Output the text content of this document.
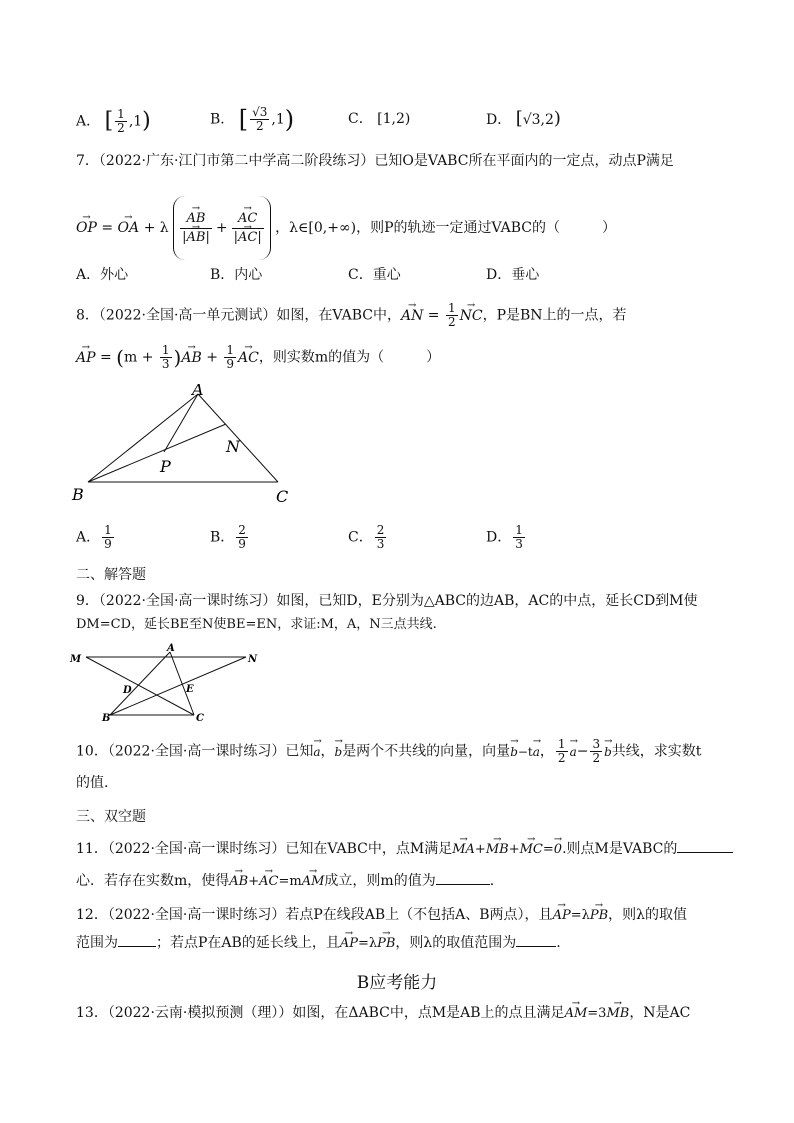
A． [ $\frac{1}{2} ,1$)	B． [ $\frac{√3}{2} ,1$)	C． [1,2)	D． [√3,2)
7．（2022·广东·江门市第二中学高二阶段练习）已知O是VABC所在平面内的一定点，动点P满足
→ OP = → OA + λ
→ $\frac{AB}{|\to AB|}$ +
→ $\frac{AC}{|\to AC|}$ ，λ∈[0,+∞)，则P的轨迹一定通过VABC的（　　　）
A．外心	B．内心	C．重心	D．垂心
8．（2022·全国·高一单元测试）如图，在VABC中，→ AN = $\frac{1}{2}$
→ NC，P是BN上的一点，若
→ AP = ($m + \frac{1}{3}$ )→ AB + $\frac{1}{9}$
→ AC，则实数m的值为（　　　）
A
B	C
N
P
A． $\frac{1}{9}$	B． $\frac{2}{9}$	C． $\frac{2}{3}$	D． $\frac{1}{3}$
二、解答题
9．（2022·全国·高一课时练习）如图，已知D，E分别为△ABC的边AB，AC的中点，延长CD到M使
DM=CD，延长BE至N使BE=EN，求证:M，A，N三点共线.
M
A
N
D	E
B	C
10．（2022·全国·高一课时练习）已知→ a，→ b是两个不共线的向量，向量→ b−t→ a， $\frac{1}{2}$
→ $a- \frac{3}{2}$
→ b共线，求实数t
的值.
三、双空题
11．（2022·全国·高一课时练习）已知在VABC中，点M满足→ MA+→ MB+→ MC=→ 0.则点M是VABC的
心．若存在实数m，使得→ AB+→ AC=m→ AM成立，则m的值为	.
12．（2022·全国·高一课时练习）若点P在线段AB上（不包括A、B两点），且→ AP=λ→ PB，则λ的取值
范围为	；若点P在AB的延长线上，且→ AP=λ→ PB，则λ的取值范围为	.
B应考能力
13．（2022·云南·模拟预测（理））如图，在ΔABC中，点M是AB上的点且满足→ AM=3→ MB，N是AC
